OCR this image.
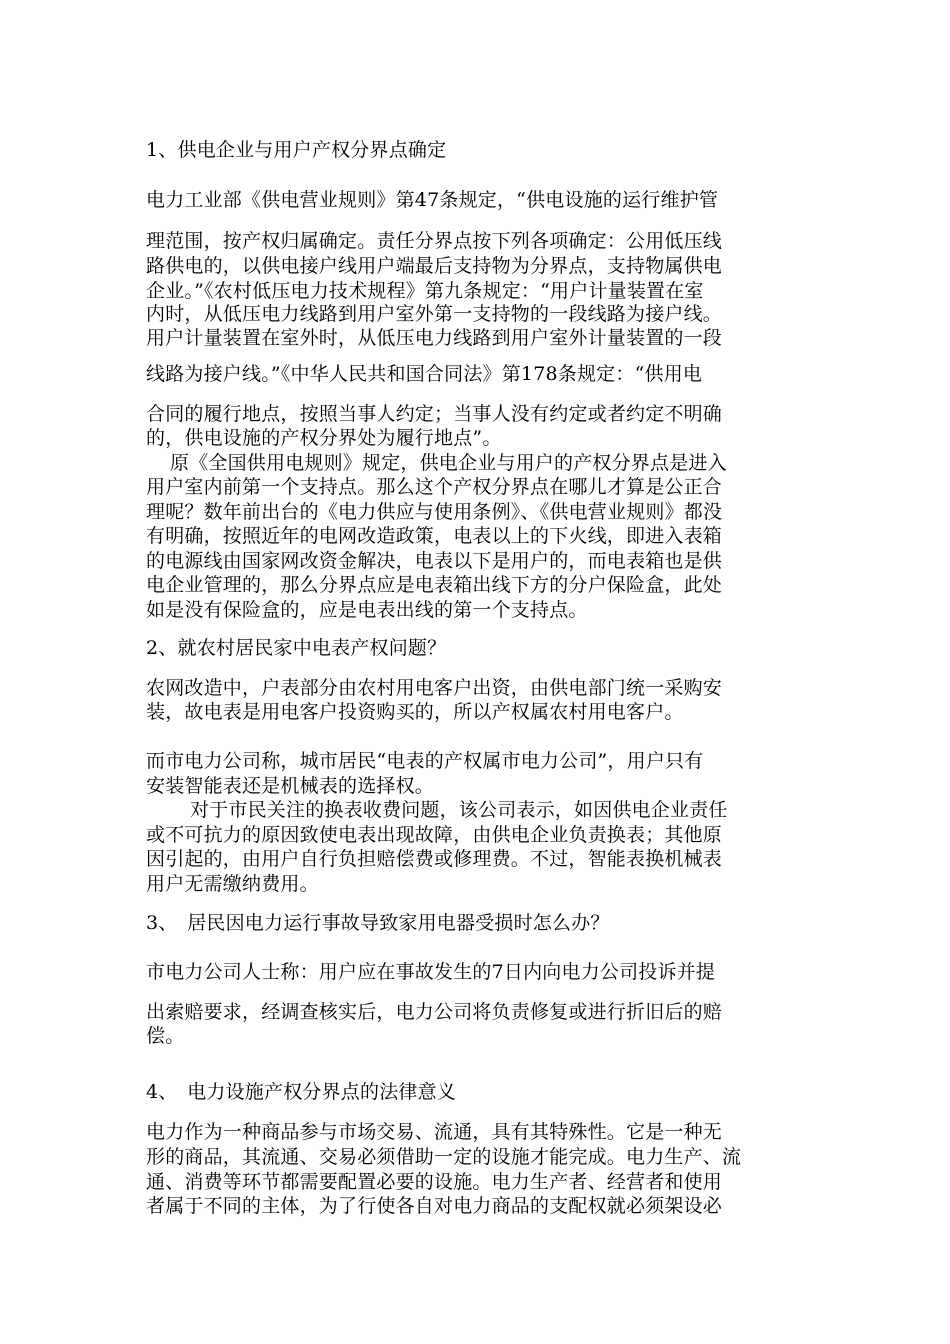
1、供电企业与用户产权分界点确定
电力工业部《供电营业规则》第47条规定，“供电设施的运行维护管
理范围，按产权归属确定。责任分界点按下列各项确定：公用低压线
路供电的，以供电接户线用户端最后支持物为分界点，支持物属供电
企业。”《农村低压电力技术规程》第九条规定：“用户计量装置在室
内时，从低压电力线路到用户室外第一支持物的一段线路为接户线。
用户计量装置在室外时，从低压电力线路到用户室外计量装置的一段
线路为接户线。”《中华人民共和国合同法》第178条规定：“供用电
合同的履行地点，按照当事人约定；当事人没有约定或者约定不明确
的，供电设施的产权分界处为履行地点”。
原《全国供用电规则》规定，供电企业与用户的产权分界点是进入
用户室内前第一个支持点。那么这个产权分界点在哪儿才算是公正合
理呢？数年前出台的《电力供应与使用条例》、《供电营业规则》都没
有明确，按照近年的电网改造政策，电表以上的下火线，即进入表箱
的电源线由国家网改资金解决，电表以下是用户的，而电表箱也是供
电企业管理的，那么分界点应是电表箱出线下方的分户保险盒，此处
如是没有保险盒的，应是电表出线的第一个支持点。
2、就农村居民家中电表产权问题？
农网改造中，户表部分由农村用电客户出资，由供电部门统一采购安
装，故电表是用电客户投资购买的，所以产权属农村用电客户。
而市电力公司称，城市居民“电表的产权属市电力公司”，用户只有
安装智能表还是机械表的选择权。
对于市民关注的换表收费问题，该公司表示，如因供电企业责任
或不可抗力的原因致使电表出现故障，由供电企业负责换表；其他原
因引起的，由用户自行负担赔偿费或修理费。不过，智能表换机械表
用户无需缴纳费用。
3、　居民因电力运行事故导致家用电器受损时怎么办？
市电力公司人士称：用户应在事故发生的7日内向电力公司投诉并提
出索赔要求，经调查核实后，电力公司将负责修复或进行折旧后的赔
偿。
4、　电力设施产权分界点的法律意义
电力作为一种商品参与市场交易、流通，具有其特殊性。它是一种无
形的商品，其流通、交易必须借助一定的设施才能完成。电力生产、流
通、消费等环节都需要配置必要的设施。电力生产者、经营者和使用
者属于不同的主体，为了行使各自对电力商品的支配权就必须架设必
